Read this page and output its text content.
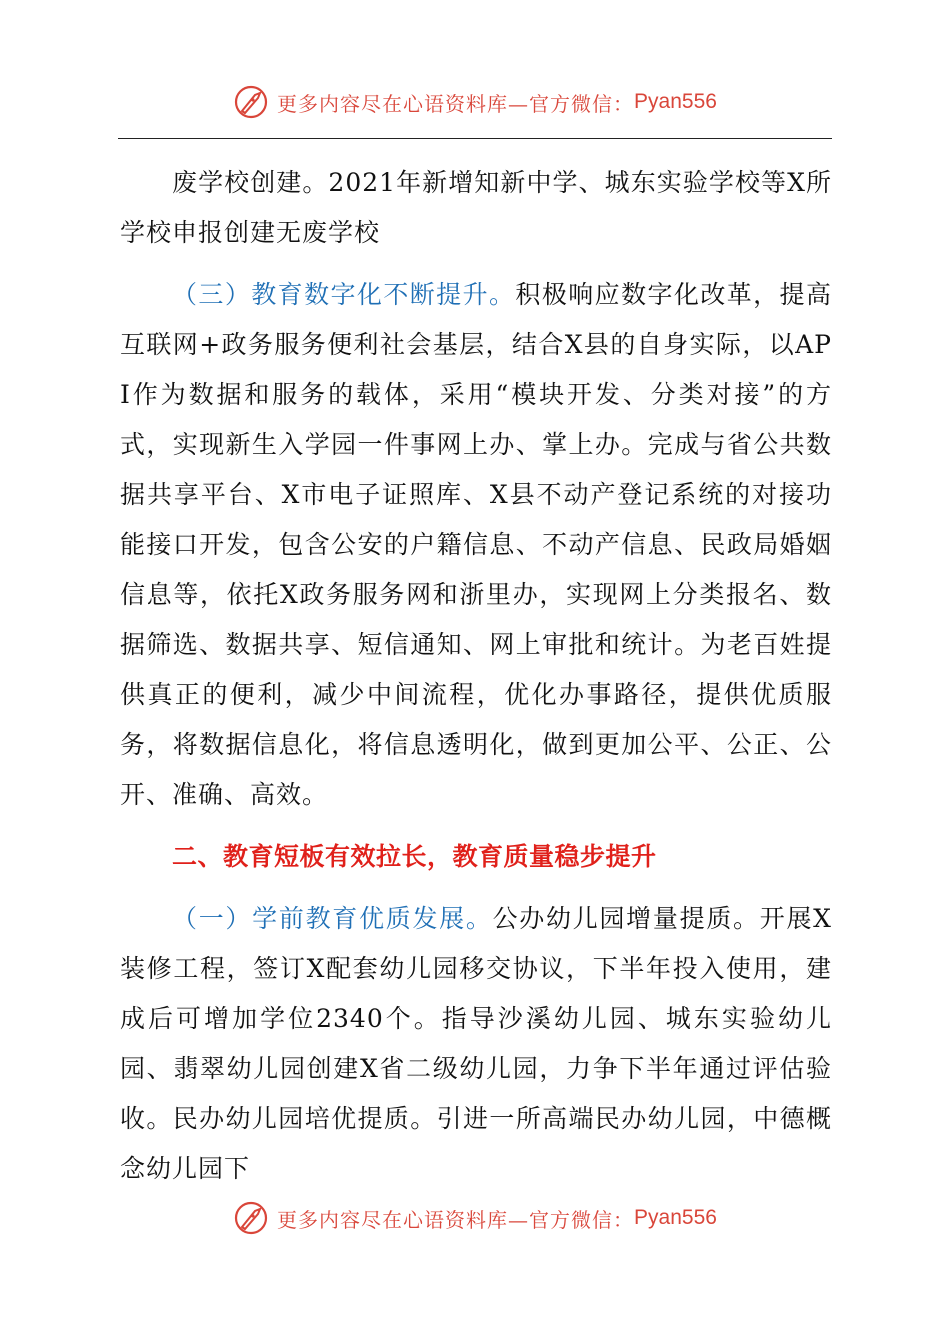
更多内容尽在心语资料库—官方微信： Pyan556

废学校创建。2021年新增知新中学、城东实验学校等X所学校申报创建无废学校

（三）教育数字化不断提升。积极响应数字化改革，提高互联网+政务服务便利社会基层，结合X县的自身实际，以API作为数据和服务的载体，采用“模块开发、分类对接”的方式，实现新生入学园一件事网上办、掌上办。完成与省公共数据共享平台、X市电子证照库、X县不动产登记系统的对接功能接口开发，包含公安的户籍信息、不动产信息、民政局婚姻信息等，依托X政务服务网和浙里办，实现网上分类报名、数据筛选、数据共享、短信通知、网上审批和统计。为老百姓提供真正的便利，减少中间流程，优化办事路径，提供优质服务，将数据信息化，将信息透明化，做到更加公平、公正、公开、准确、高效。

二、教育短板有效拉长，教育质量稳步提升

（一）学前教育优质发展。公办幼儿园增量提质。开展X装修工程，签订X配套幼儿园移交协议，下半年投入使用，建成后可增加学位2340个。指导沙溪幼儿园、城东实验幼儿园、翡翠幼儿园创建X省二级幼儿园，力争下半年通过评估验收。民办幼儿园培优提质。引进一所高端民办幼儿园，中德概念幼儿园下

更多内容尽在心语资料库—官方微信： Pyan556
